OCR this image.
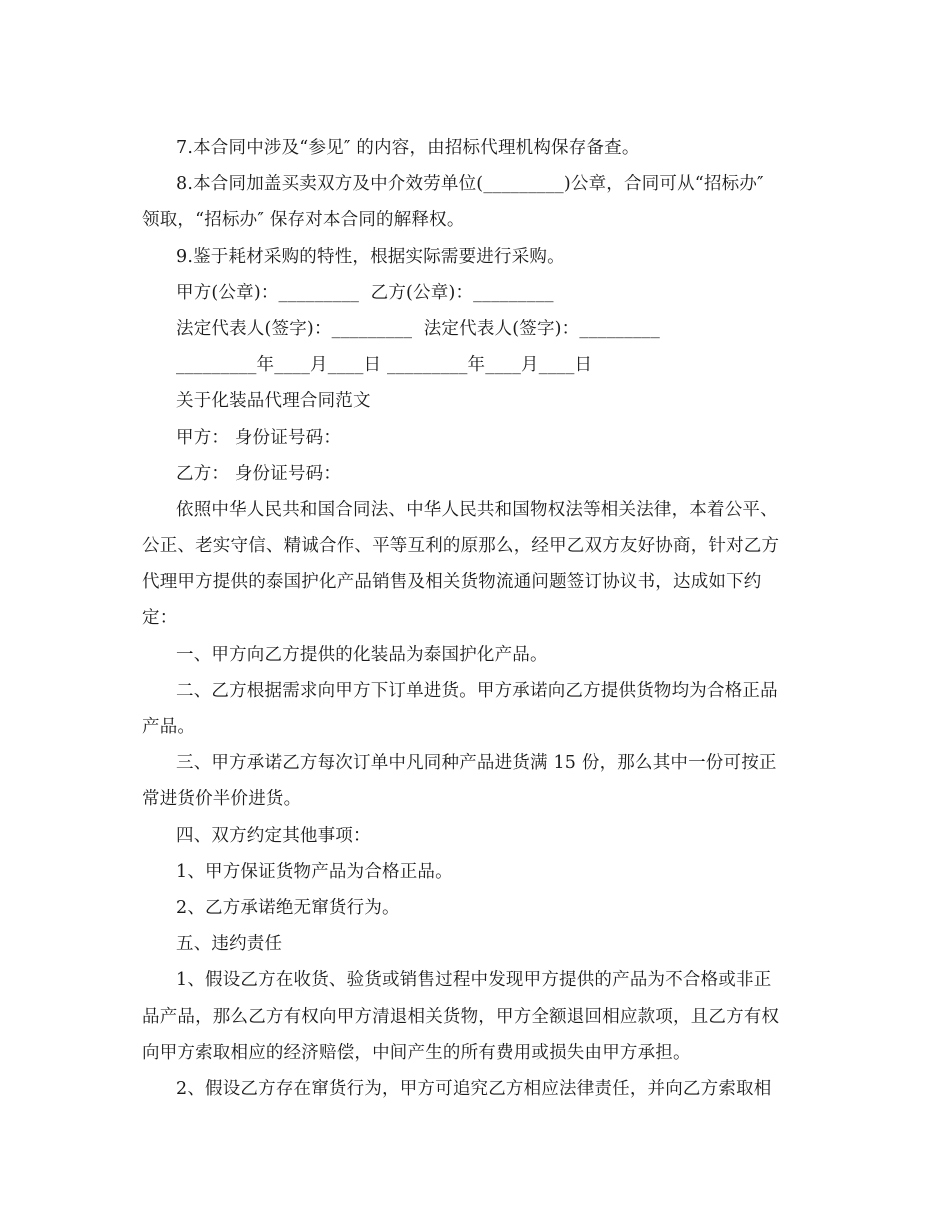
7.本合同中涉及“参见″ 的内容，由招标代理机构保存备查。
8.本合同加盖买卖双方及中介效劳单位(_________)公章，合同可从“招标办″
领取，“招标办″ 保存对本合同的解释权。
9.鉴于耗材采购的特性，根据实际需要进行采购。
甲方(公章)：_________  乙方(公章)：_________
法定代表人(签字)：_________  法定代表人(签字)：_________
_________年____月____日 _________年____月____日
关于化装品代理合同范文
甲方： 身份证号码：
乙方： 身份证号码：
依照中华人民共和国合同法、中华人民共和国物权法等相关法律，本着公平、
公正、老实守信、精诚合作、平等互利的原那么，经甲乙双方友好协商，针对乙方
代理甲方提供的泰国护化产品销售及相关货物流通问题签订协议书，达成如下约
定：
一、甲方向乙方提供的化装品为泰国护化产品。
二、乙方根据需求向甲方下订单进货。甲方承诺向乙方提供货物均为合格正品
产品。
三、甲方承诺乙方每次订单中凡同种产品进货满 15 份，那么其中一份可按正
常进货价半价进货。
四、双方约定其他事项：
1、甲方保证货物产品为合格正品。
2、乙方承诺绝无窜货行为。
五、违约责任
1、假设乙方在收货、验货或销售过程中发现甲方提供的产品为不合格或非正
品产品，那么乙方有权向甲方清退相关货物，甲方全额退回相应款项，且乙方有权
向甲方索取相应的经济赔偿，中间产生的所有费用或损失由甲方承担。
2、假设乙方存在窜货行为，甲方可追究乙方相应法律责任，并向乙方索取相
